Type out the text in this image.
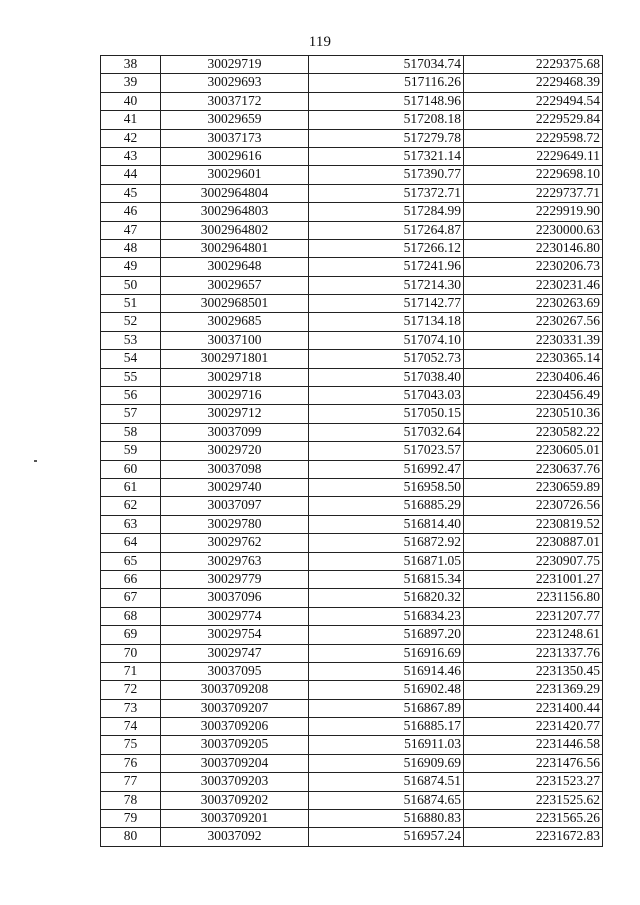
119
38	30029719	517034.74	2229375.68
39	30029693	517116.26	2229468.39
40	30037172	517148.96	2229494.54
41	30029659	517208.18	2229529.84
42	30037173	517279.78	2229598.72
43	30029616	517321.14	2229649.11
44	30029601	517390.77	2229698.10
45	3002964804	517372.71	2229737.71
46	3002964803	517284.99	2229919.90
47	3002964802	517264.87	2230000.63
48	3002964801	517266.12	2230146.80
49	30029648	517241.96	2230206.73
50	30029657	517214.30	2230231.46
51	3002968501	517142.77	2230263.69
52	30029685	517134.18	2230267.56
53	30037100	517074.10	2230331.39
54	3002971801	517052.73	2230365.14
55	30029718	517038.40	2230406.46
56	30029716	517043.03	2230456.49
57	30029712	517050.15	2230510.36
58	30037099	517032.64	2230582.22
59	30029720	517023.57	2230605.01
60	30037098	516992.47	2230637.76
61	30029740	516958.50	2230659.89
62	30037097	516885.29	2230726.56
63	30029780	516814.40	2230819.52
64	30029762	516872.92	2230887.01
65	30029763	516871.05	2230907.75
66	30029779	516815.34	2231001.27
67	30037096	516820.32	2231156.80
68	30029774	516834.23	2231207.77
69	30029754	516897.20	2231248.61
70	30029747	516916.69	2231337.76
71	30037095	516914.46	2231350.45
72	3003709208	516902.48	2231369.29
73	3003709207	516867.89	2231400.44
74	3003709206	516885.17	2231420.77
75	3003709205	516911.03	2231446.58
76	3003709204	516909.69	2231476.56
77	3003709203	516874.51	2231523.27
78	3003709202	516874.65	2231525.62
79	3003709201	516880.83	2231565.26
80	30037092	516957.24	2231672.83
